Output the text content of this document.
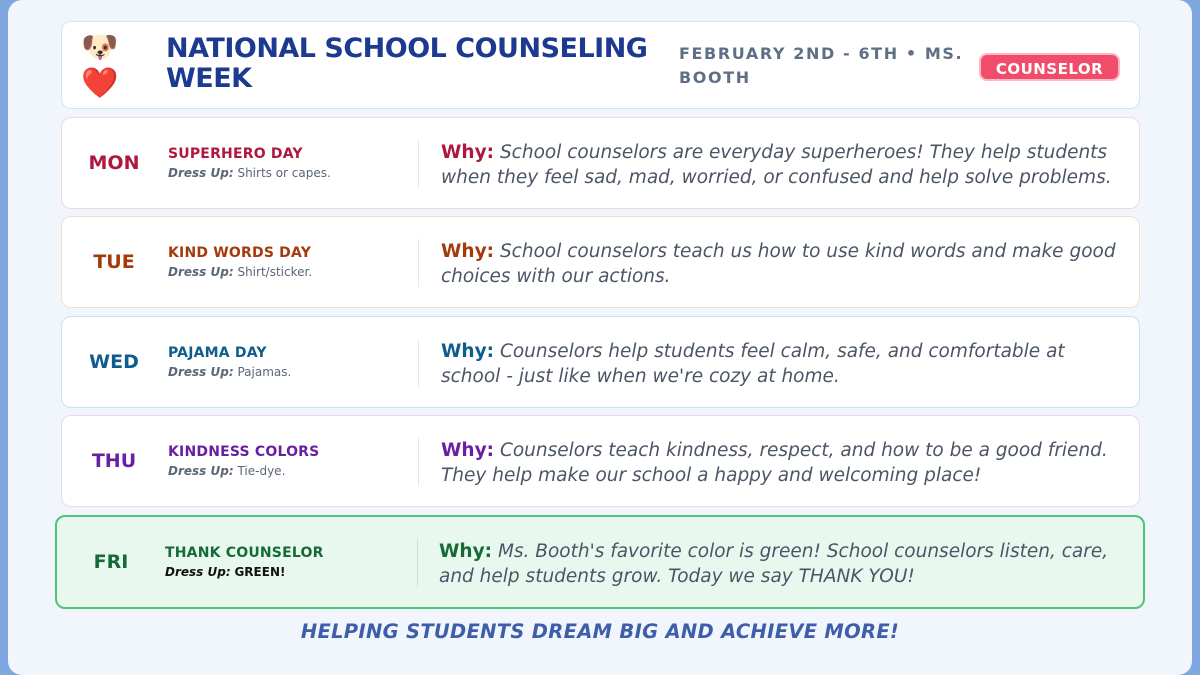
🐶
❤️
NATIONAL SCHOOL COUNSELING WEEK
FEBRUARY 2ND - 6TH • MS. BOOTH	COUNSELOR
MON	SUPERHERO DAY
Dress Up: Shirts or capes.
Why: School counselors are everyday superheroes! They help students when they feel sad, mad, worried, or confused and help solve problems.
TUE	KIND WORDS DAY
Dress Up: Shirt/sticker.
Why: School counselors teach us how to use kind words and make good choices with our actions.
WED	PAJAMA DAY
Dress Up: Pajamas.
Why: Counselors help students feel calm, safe, and comfortable at school - just like when we're cozy at home.
THU	KINDNESS COLORS
Dress Up: Tie-dye.
Why: Counselors teach kindness, respect, and how to be a good friend. They help make our school a happy and welcoming place!
FRI	THANK COUNSELOR
Dress Up: GREEN!
Why: Ms. Booth's favorite color is green! School counselors listen, care, and help students grow. Today we say THANK YOU!
HELPING STUDENTS DREAM BIG AND ACHIEVE MORE!
